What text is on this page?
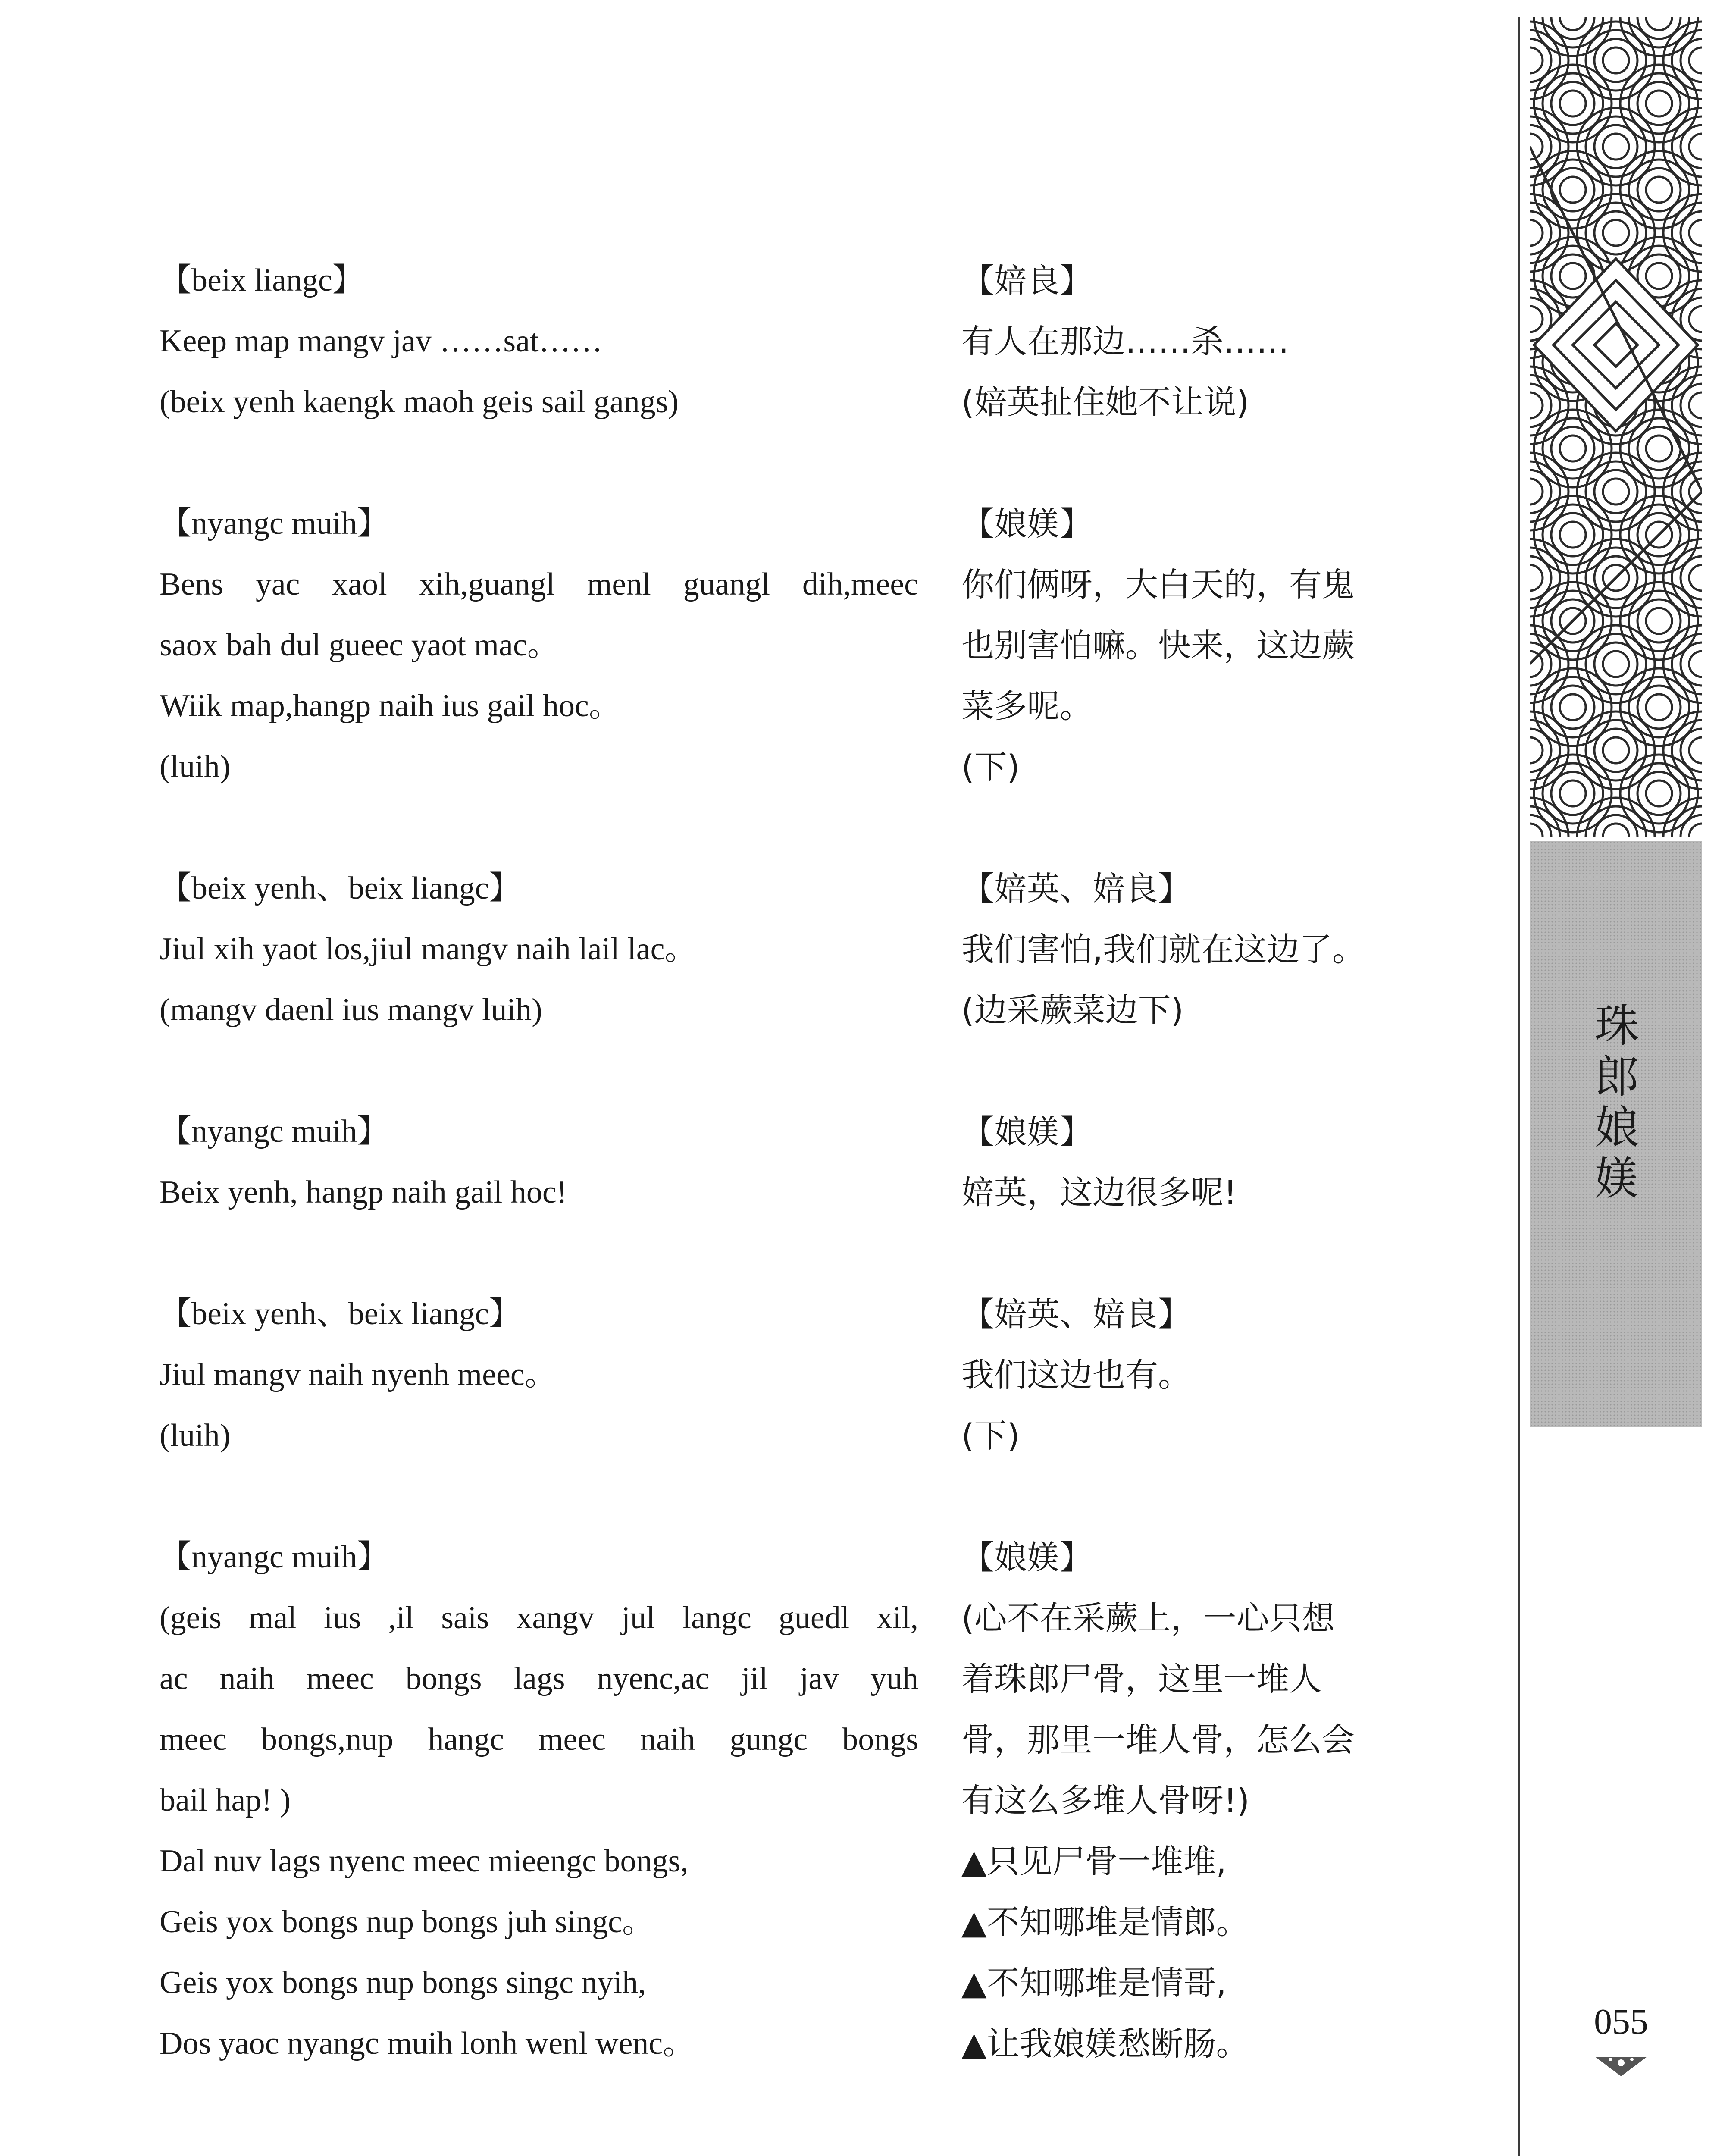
【beix liangc】
Keep map mangv jav ……sat……
(beix yenh kaengk maoh geis sail gangs)
【nyangc muih】
Bens yac xaol xih,guangl menl guangl dih,meec
saox bah dul gueec yaot mac。
Wiik map,hangp naih ius gail hoc。
(luih)
【beix yenh、beix liangc】
Jiul xih yaot los,jiul mangv naih lail lac。
(mangv daenl ius mangv luih)
【nyangc muih】
Beix yenh, hangp naih gail hoc!
【beix yenh、beix liangc】
Jiul mangv naih nyenh meec。
(luih)
【nyangc muih】
(geis mal ius ,il sais xangv jul langc guedl xil,
ac naih meec bongs lags nyenc,ac jil jav yuh
meec bongs,nup hangc meec naih gungc bongs
bail hap! )
Dal nuv lags nyenc meec mieengc bongs,
Geis yox bongs nup bongs juh singc。
Geis yox bongs nup bongs singc nyih,
Dos yaoc nyangc muih lonh wenl wenc。
【婄良】
有人在那边……杀……
(婄英扯住她不让说)
【娘媄】
你们俩呀，大白天的，有鬼
也别害怕嘛。快来，这边蕨
菜多呢。
(下)
【婄英、婄良】
我们害怕,我们就在这边了。
(边采蕨菜边下)
【娘媄】
婄英，这边很多呢!
【婄英、婄良】
我们这边也有。
(下)
【娘媄】
(心不在采蕨上，一心只想
着珠郎尸骨，这里一堆人
骨，那里一堆人骨，怎么会
有这么多堆人骨呀!)
▲只见尸骨一堆堆,
▲不知哪堆是情郎。
▲不知哪堆是情哥,
▲让我娘媄愁断肠。
珠
郎
娘
媄
055
